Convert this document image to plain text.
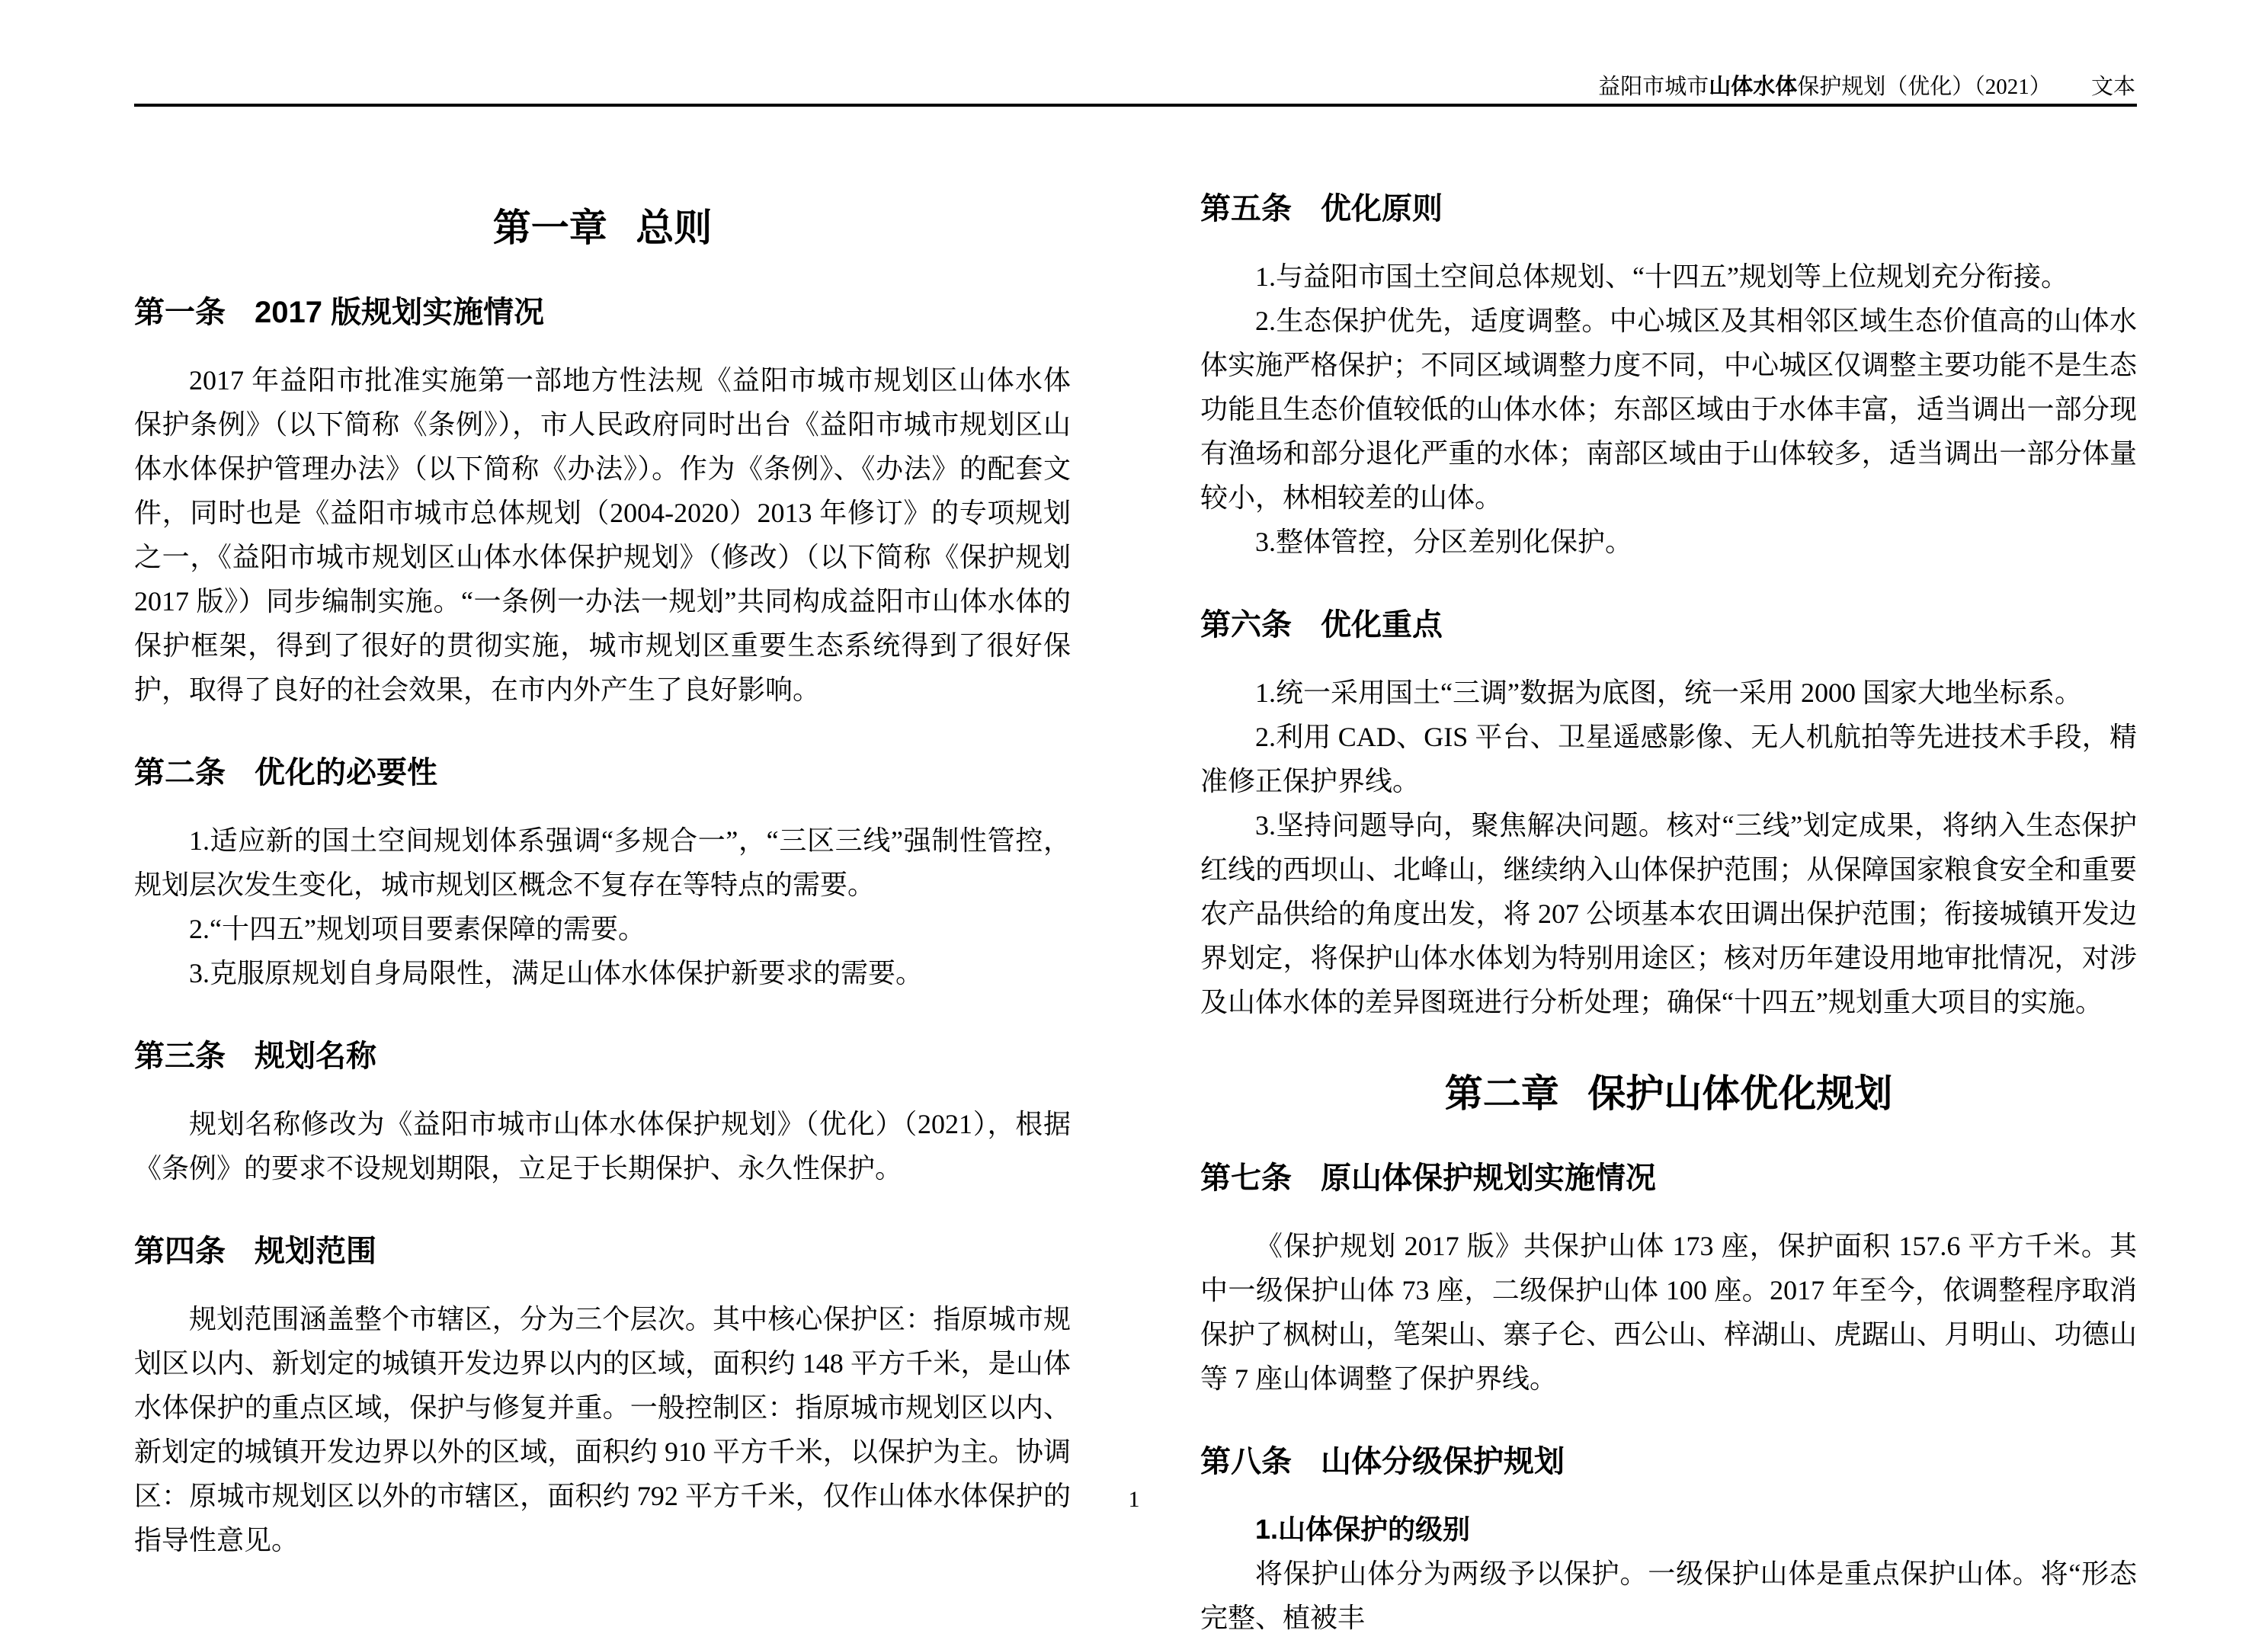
益阳市城市山体水体保护规划（优化）（2021） 文本
第一章 总则
第一条 2017 版规划实施情况

2017 年益阳市批准实施第一部地方性法规《益阳市城市规划区山体水体保护条例》（以下简称《条例》），市人民政府同时出台《益阳市城市规划区山体水体保护管理办法》（以下简称《办法》）。作为《条例》、《办法》的配套文件，同时也是《益阳市城市总体规划（2004-2020）2013 年修订》的专项规划之一，《益阳市城市规划区山体水体保护规划》（修改）（以下简称《保护规划 2017 版》）同步编制实施。“一条例一办法一规划”共同构成益阳市山体水体的保护框架，得到了很好的贯彻实施，城市规划区重要生态系统得到了很好保护，取得了良好的社会效果，在市内外产生了良好影响。

第二条 优化的必要性

1.适应新的国土空间规划体系强调“多规合一”，“三区三线”强制性管控，规划层次发生变化，城市规划区概念不复存在等特点的需要。

2.“十四五”规划项目要素保障的需要。

3.克服原规划自身局限性，满足山体水体保护新要求的需要。

第三条 规划名称

规划名称修改为《益阳市城市山体水体保护规划》（优化）（2021），根据《条例》的要求不设规划期限，立足于长期保护、永久性保护。

第四条 规划范围

规划范围涵盖整个市辖区，分为三个层次。其中核心保护区：指原城市规划区以内、新划定的城镇开发边界以内的区域，面积约 148 平方千米，是山体水体保护的重点区域，保护与修复并重。一般控制区：指原城市规划区以内、新划定的城镇开发边界以外的区域，面积约 910 平方千米，以保护为主。协调区：原城市规划区以外的市辖区，面积约 792 平方千米，仅作山体水体保护的指导性意见。

第五条 优化原则

1.与益阳市国土空间总体规划、“十四五”规划等上位规划充分衔接。

2.生态保护优先，适度调整。中心城区及其相邻区域生态价值高的山体水体实施严格保护；不同区域调整力度不同，中心城区仅调整主要功能不是生态功能且生态价值较低的山体水体；东部区域由于水体丰富，适当调出一部分现有渔场和部分退化严重的水体；南部区域由于山体较多，适当调出一部分体量较小，林相较差的山体。

3.整体管控，分区差别化保护。

第六条 优化重点

1.统一采用国土“三调”数据为底图，统一采用 2000 国家大地坐标系。

2.利用 CAD、GIS 平台、卫星遥感影像、无人机航拍等先进技术手段，精准修正保护界线。

3.坚持问题导向，聚焦解决问题。核对“三线”划定成果，将纳入生态保护红线的西坝山、北峰山，继续纳入山体保护范围；从保障国家粮食安全和重要农产品供给的角度出发，将 207 公顷基本农田调出保护范围；衔接城镇开发边界划定，将保护山体水体划为特别用途区；核对历年建设用地审批情况，对涉及山体水体的差异图斑进行分析处理；确保“十四五”规划重大项目的实施。

第二章 保护山体优化规划
第七条 原山体保护规划实施情况

《保护规划 2017 版》共保护山体 173 座，保护面积 157.6 平方千米。其中一级保护山体 73 座，二级保护山体 100 座。2017 年至今，依调整程序取消保护了枫树山，笔架山、寨子仑、西公山、梓湖山、虎踞山、月明山、功德山等 7 座山体调整了保护界线。

第八条 山体分级保护规划

1.山体保护的级别

将保护山体分为两级予以保护。一级保护山体是重点保护山体。将“形态完整、植被丰

1
